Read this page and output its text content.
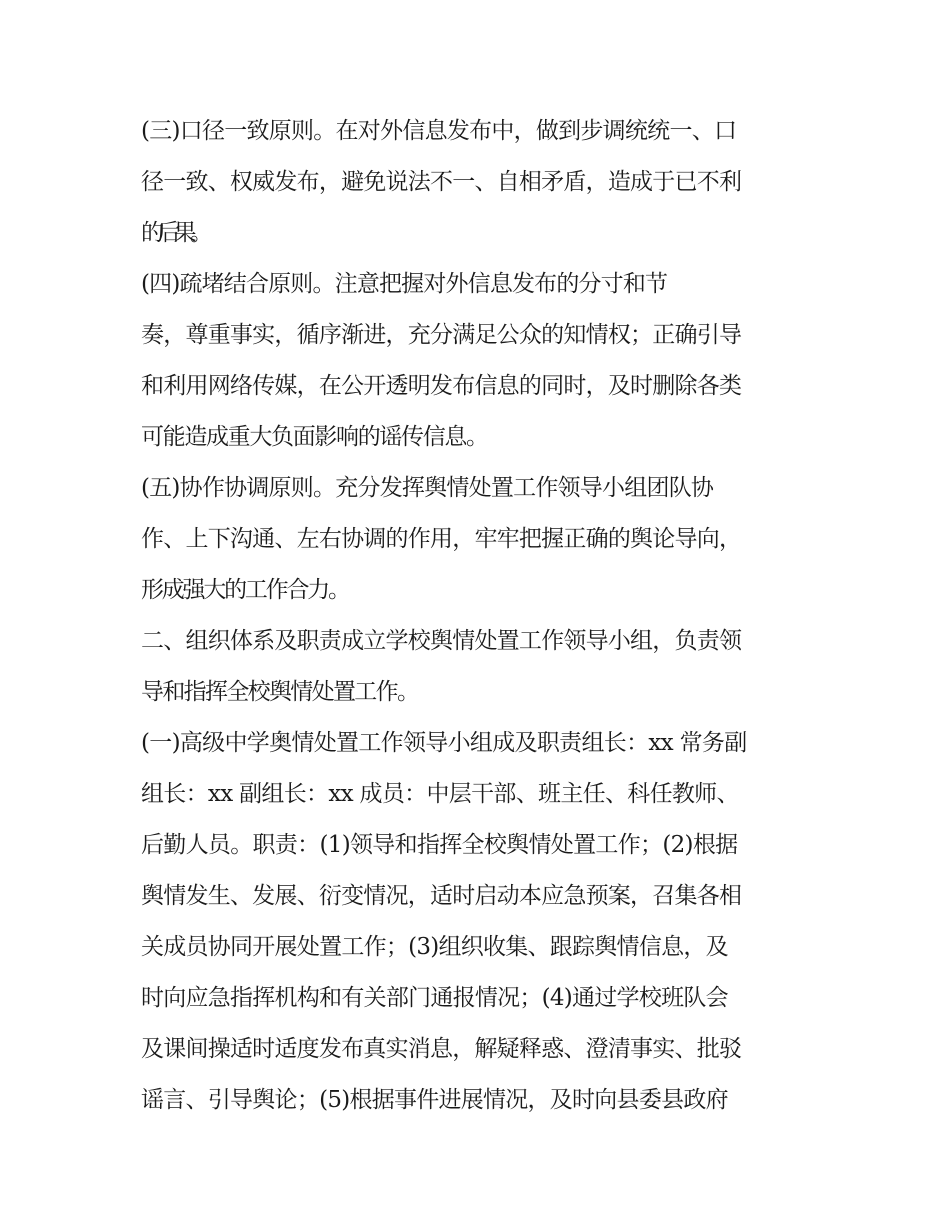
(三)口径一致原则。在对外信息发布中，做到步调统统一、口
径一致、权威发布，避免说法不一、自相矛盾，造成于已不利
的后果。
(四)疏堵结合原则。注意把握对外信息发布的分寸和节
奏，尊重事实，循序渐进，充分满足公众的知情权；正确引导
和利用网络传媒，在公开透明发布信息的同时，及时删除各类
可能造成重大负面影响的谣传信息。
(五)协作协调原则。充分发挥舆情处置工作领导小组团队协
作、上下沟通、左右协调的作用，牢牢把握正确的舆论导向，
形成强大的工作合力。
二、组织体系及职责成立学校舆情处置工作领导小组，负责领
导和指挥全校舆情处置工作。
(一)高级中学奥情处置工作领导小组成及职责组长：xx 常务副
组长：xx 副组长：xx 成员：中层干部、班主任、科任教师、
后勤人员。职责：(1)领导和指挥全校舆情处置工作；(2)根据
舆情发生、发展、衍变情况，适时启动本应急预案，召集各相
关成员协同开展处置工作；(3)组织收集、跟踪舆情信息，及
时向应急指挥机构和有关部门通报情况；(4)通过学校班队会
及课间操适时适度发布真实消息，解疑释惑、澄清事实、批驳
谣言、引导舆论；(5)根据事件进展情况，及时向县委县政府
